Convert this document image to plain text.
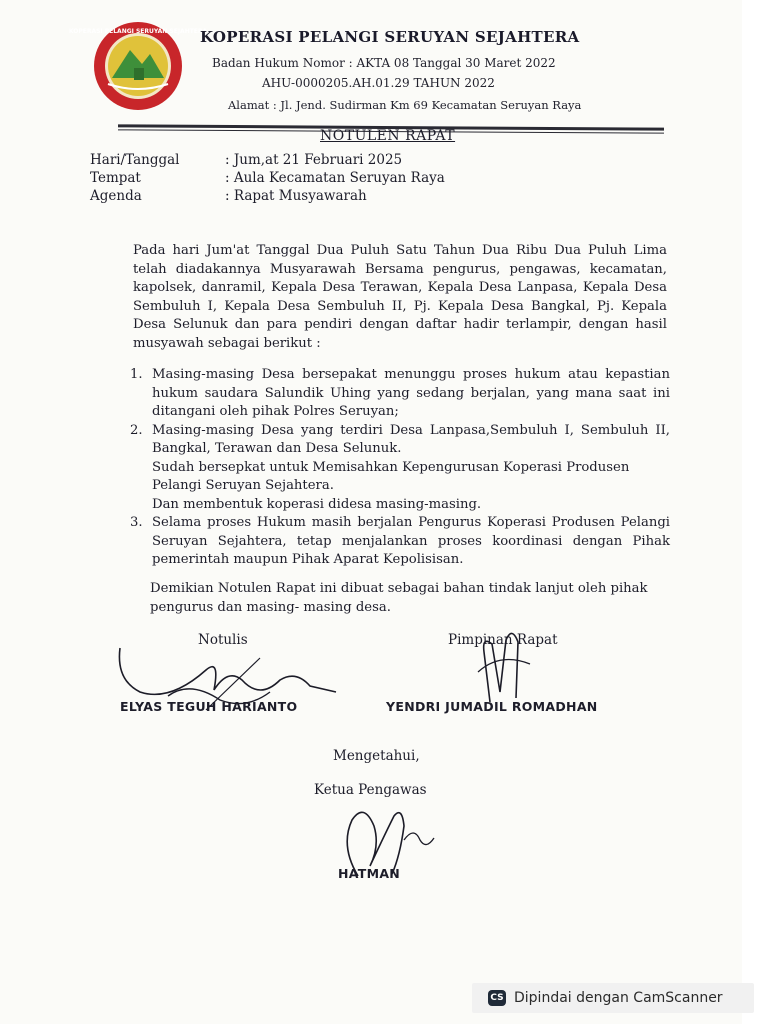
KOPERASI PELANGI SERUYAN SEJAHTERA
KOPERASI PELANGI SERUYAN SEJAHTERA
Badan Hukum Nomor : AKTA 08 Tanggal 30 Maret 2022
AHU-0000205.AH.01.29 TAHUN 2022
Alamat : Jl. Jend. Sudirman Km 69 Kecamatan Seruyan Raya
NOTULEN RAPAT
Hari/Tanggal	: Jum,at 21 Februari 2025
Tempat	: Aula Kecamatan Seruyan Raya
Agenda	: Rapat Musyawarah

Pada hari Jum'at Tanggal Dua Puluh Satu Tahun Dua Ribu Dua Puluh Lima telah diadakannya Musyarawah Bersama pengurus, pengawas, kecamatan, kapolsek, danramil, Kepala Desa Terawan, Kepala Desa Lanpasa, Kepala Desa Sembuluh I, Kepala Desa Sembuluh II, Pj. Kepala Desa Bangkal, Pj. Kepala Desa Selunuk dan para pendiri dengan daftar hadir terlampir, dengan hasil musyawah sebagai berikut :

1. Masing-masing Desa bersepakat menunggu proses hukum atau kepastian hukum saudara Salundik Uhing yang sedang berjalan, yang mana saat ini ditangani oleh pihak Polres Seruyan;
2. Masing-masing Desa yang terdiri Desa Lanpasa,Sembuluh I, Sembuluh II, Bangkal, Terawan dan Desa Selunuk.
Sudah bersepkat untuk Memisahkan Kepengurusan Koperasi Produsen Pelangi Seruyan Sejahtera.
Dan membentuk koperasi didesa masing-masing.
3. Selama proses Hukum masih berjalan Pengurus Koperasi Produsen Pelangi Seruyan Sejahtera, tetap menjalankan proses koordinasi dengan Pihak pemerintah maupun Pihak Aparat Kepolisisan.

Demikian Notulen Rapat ini dibuat sebagai bahan tindak lanjut oleh pihak pengurus dan masing- masing desa.

Notulis	Pimpinan Rapat
ELYAS TEGUH HARIANTO	YENDRI JUMADIL ROMADHAN
Mengetahui,
Ketua Pengawas
HATMAN
CS Dipindai dengan CamScanner
